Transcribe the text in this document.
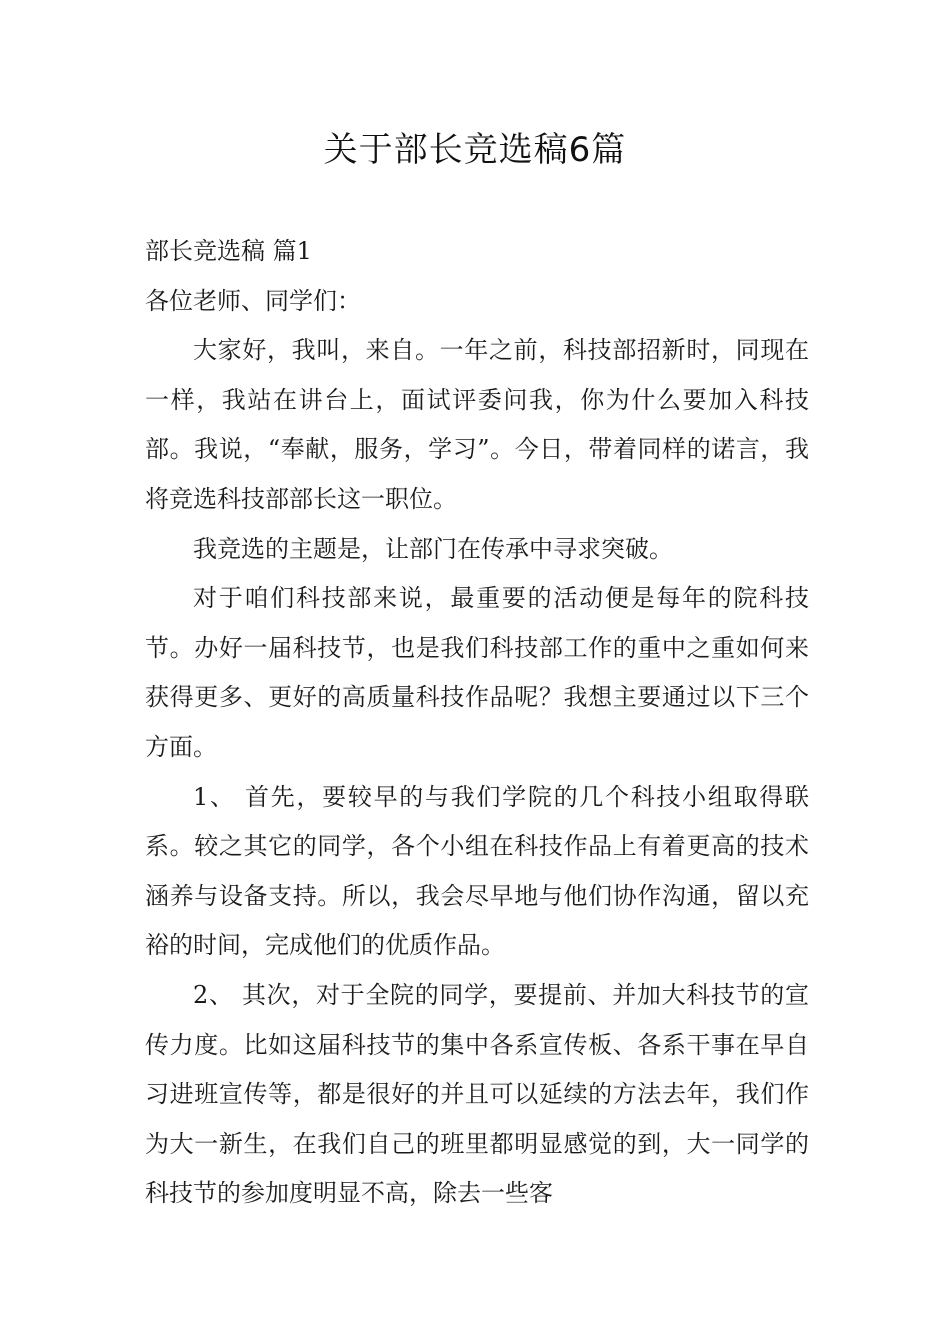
关于部长竞选稿6篇

部长竞选稿 篇1

各位老师、同学们：

大家好，我叫，来自。一年之前，科技部招新时，同现在一样，我站在讲台上，面试评委问我，你为什么要加入科技部。我说，“奉献，服务，学习”。今日，带着同样的诺言，我将竞选科技部部长这一职位。

我竞选的主题是，让部门在传承中寻求突破。

对于咱们科技部来说，最重要的活动便是每年的院科技节。办好一届科技节，也是我们科技部工作的重中之重如何来获得更多、更好的高质量科技作品呢？我想主要通过以下三个方面。

1、 首先，要较早的与我们学院的几个科技小组取得联系。较之其它的同学，各个小组在科技作品上有着更高的技术涵养与设备支持。所以，我会尽早地与他们协作沟通，留以充裕的时间，完成他们的优质作品。

2、 其次，对于全院的同学，要提前、并加大科技节的宣传力度。比如这届科技节的集中各系宣传板、各系干事在早自习进班宣传等，都是很好的并且可以延续的方法去年，我们作为大一新生，在我们自己的班里都明显感觉的到，大一同学的科技节的参加度明显不高，除去一些客
